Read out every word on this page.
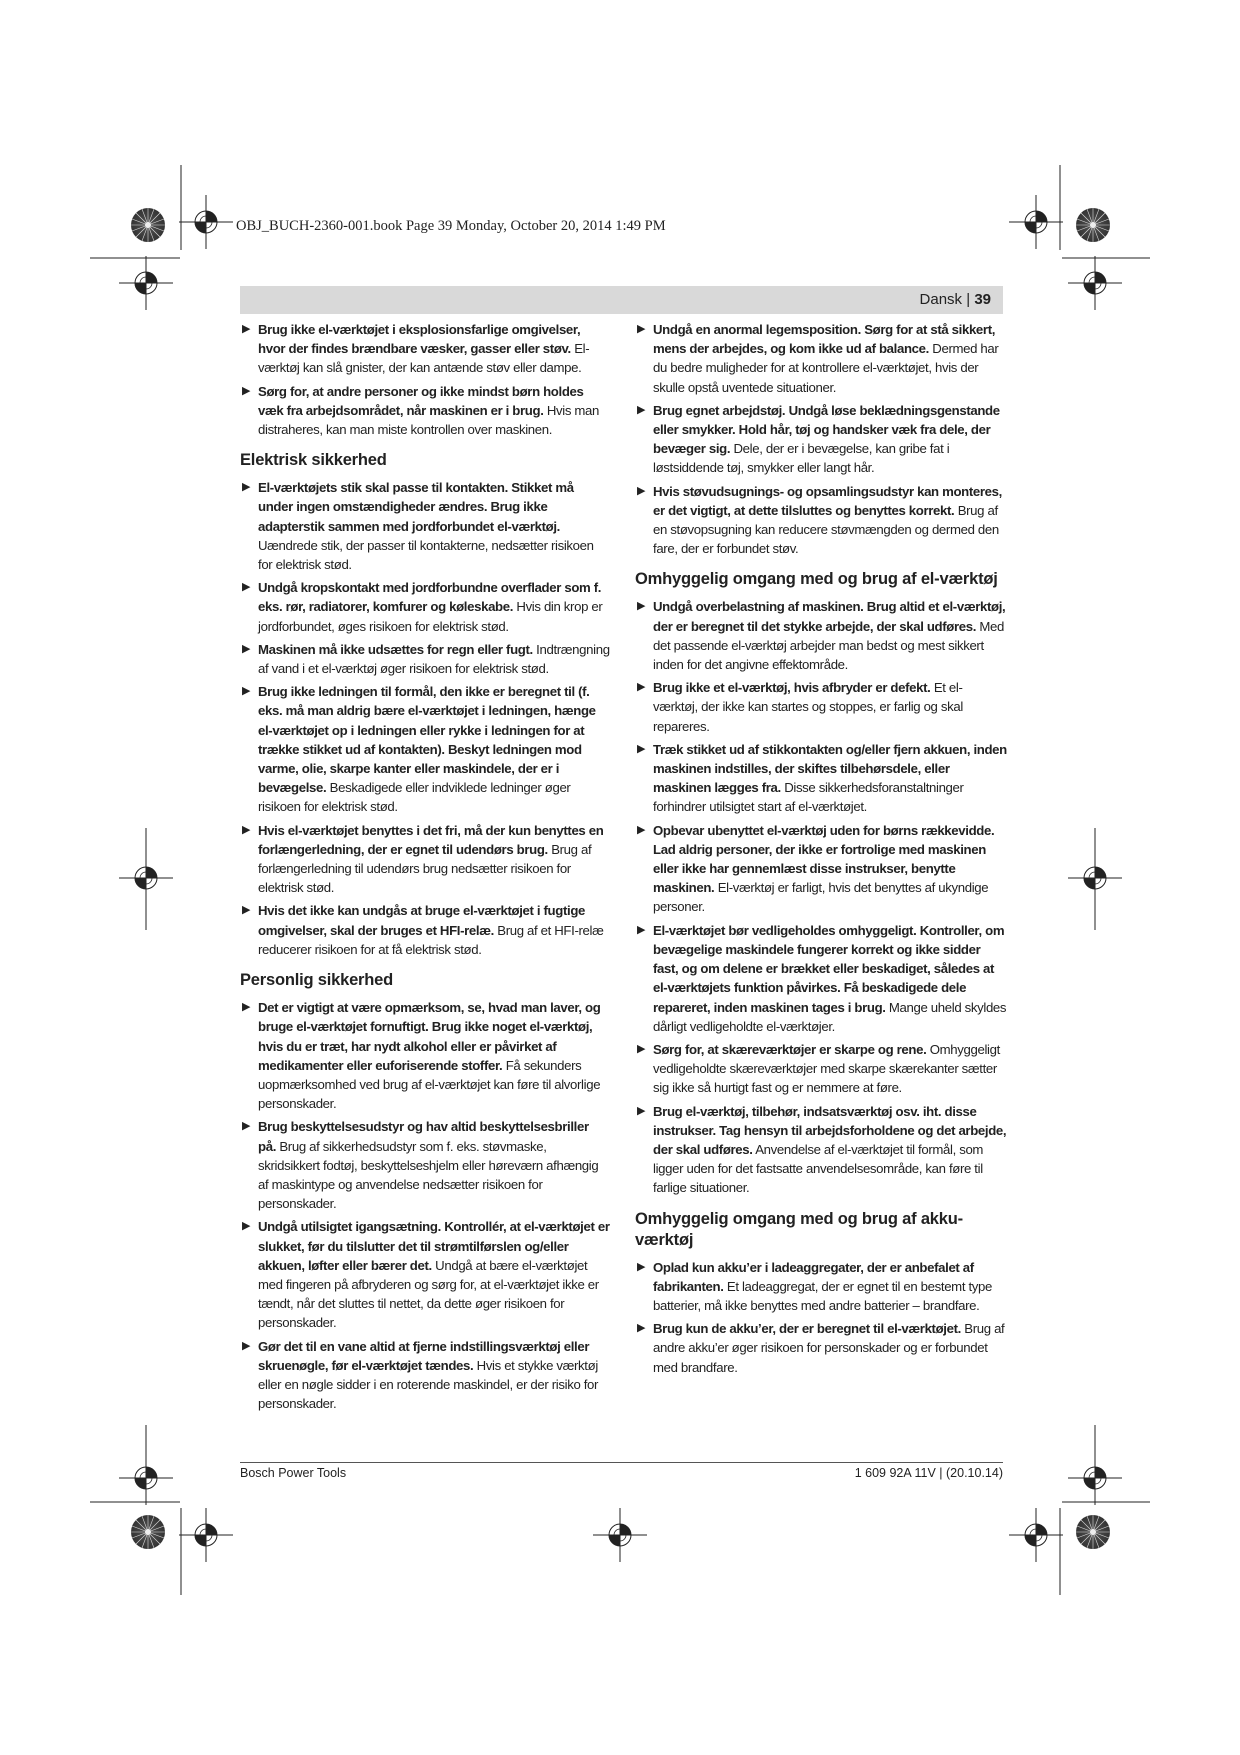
OBJ_BUCH-2360-001.book Page 39 Monday, October 20, 2014 1:49 PM
Dansk | 39
▶ Brug ikke el-værktøjet i eksplosionsfarlige omgivelser, hvor der findes brændbare væsker, gasser eller støv. El-værktøj kan slå gnister, der kan antænde støv eller dampe.
▶ Sørg for, at andre personer og ikke mindst børn holdes væk fra arbejdsområdet, når maskinen er i brug. Hvis man distraheres, kan man miste kontrollen over maskinen.
Elektrisk sikkerhed
▶ El-værktøjets stik skal passe til kontakten. Stikket må under ingen omstændigheder ændres. Brug ikke adapterstik sammen med jordforbundet el-værktøj. Uændrede stik, der passer til kontakterne, nedsætter risikoen for elektrisk stød.
▶ Undgå kropskontakt med jordforbundne overflader som f. eks. rør, radiatorer, komfurer og køleskabe. Hvis din krop er jordforbundet, øges risikoen for elektrisk stød.
▶ Maskinen må ikke udsættes for regn eller fugt. Indtrængning af vand i et el-værktøj øger risikoen for elektrisk stød.
▶ Brug ikke ledningen til formål, den ikke er beregnet til (f. eks. må man aldrig bære el-værktøjet i ledningen, hænge el-værktøjet op i ledningen eller rykke i ledningen for at trække stikket ud af kontakten). Beskyt ledningen mod varme, olie, skarpe kanter eller maskindele, der er i bevægelse. Beskadigede eller indviklede ledninger øger risikoen for elektrisk stød.
▶ Hvis el-værktøjet benyttes i det fri, må der kun benyttes en forlængerledning, der er egnet til udendørs brug. Brug af forlængerledning til udendørs brug nedsætter risikoen for elektrisk stød.
▶ Hvis det ikke kan undgås at bruge el-værktøjet i fugtige omgivelser, skal der bruges et HFI-relæ. Brug af et HFI-relæ reducerer risikoen for at få elektrisk stød.
Personlig sikkerhed
▶ Det er vigtigt at være opmærksom, se, hvad man laver, og bruge el-værktøjet fornuftigt. Brug ikke noget el-værktøj, hvis du er træt, har nydt alkohol eller er påvirket af medikamenter eller euforiserende stoffer. Få sekunders uopmærksomhed ved brug af el-værktøjet kan føre til alvorlige personskader.
▶ Brug beskyttelsesudstyr og hav altid beskyttelsesbriller på. Brug af sikkerhedsudstyr som f. eks. støvmaske, skridsikkert fodtøj, beskyttelseshjelm eller høreværn afhængig af maskintype og anvendelse nedsætter risikoen for personskader.
▶ Undgå utilsigtet igangsætning. Kontrollér, at el-værktøjet er slukket, før du tilslutter det til strømtilførslen og/eller akkuen, løfter eller bærer det. Undgå at bære el-værktøjet med fingeren på afbryderen og sørg for, at el-værktøjet ikke er tændt, når det sluttes til nettet, da dette øger risikoen for personskader.
▶ Gør det til en vane altid at fjerne indstillingsværktøj eller skruenøgle, før el-værktøjet tændes. Hvis et stykke værktøj eller en nøgle sidder i en roterende maskindel, er der risiko for personskader.
▶ Undgå en anormal legemsposition. Sørg for at stå sikkert, mens der arbejdes, og kom ikke ud af balance. Dermed har du bedre muligheder for at kontrollere el-værktøjet, hvis der skulle opstå uventede situationer.
▶ Brug egnet arbejdstøj. Undgå løse beklædningsgenstande eller smykker. Hold hår, tøj og handsker væk fra dele, der bevæger sig. Dele, der er i bevægelse, kan gribe fat i løstsiddende tøj, smykker eller langt hår.
▶ Hvis støvudsugnings- og opsamlingsudstyr kan monteres, er det vigtigt, at dette tilsluttes og benyttes korrekt. Brug af en støvopsugning kan reducere støvmængden og dermed den fare, der er forbundet støv.
Omhyggelig omgang med og brug af el-værktøj
▶ Undgå overbelastning af maskinen. Brug altid et el-værktøj, der er beregnet til det stykke arbejde, der skal udføres. Med det passende el-værktøj arbejder man bedst og mest sikkert inden for det angivne effektområde.
▶ Brug ikke et el-værktøj, hvis afbryder er defekt. Et el-værktøj, der ikke kan startes og stoppes, er farlig og skal repareres.
▶ Træk stikket ud af stikkontakten og/eller fjern akkuen, inden maskinen indstilles, der skiftes tilbehørsdele, eller maskinen lægges fra. Disse sikkerhedsforanstaltninger forhindrer utilsigtet start af el-værktøjet.
▶ Opbevar ubenyttet el-værktøj uden for børns rækkevidde. Lad aldrig personer, der ikke er fortrolige med maskinen eller ikke har gennemlæst disse instrukser, benytte maskinen. El-værktøj er farligt, hvis det benyttes af ukyndige personer.
▶ El-værktøjet bør vedligeholdes omhyggeligt. Kontroller, om bevægelige maskindele fungerer korrekt og ikke sidder fast, og om delene er brækket eller beskadiget, således at el-værktøjets funktion påvirkes. Få beskadigede dele repareret, inden maskinen tages i brug. Mange uheld skyldes dårligt vedligeholdte el-værktøjer.
▶ Sørg for, at skæreværktøjer er skarpe og rene. Omhyggeligt vedligeholdte skæreværktøjer med skarpe skærekanter sætter sig ikke så hurtigt fast og er nemmere at føre.
▶ Brug el-værktøj, tilbehør, indsatsværktøj osv. iht. disse instrukser. Tag hensyn til arbejdsforholdene og det arbejde, der skal udføres. Anvendelse af el-værktøjet til formål, som ligger uden for det fastsatte anvendelsesområde, kan føre til farlige situationer.
Omhyggelig omgang med og brug af akku-værktøj
▶ Oplad kun akku’er i ladeaggregater, der er anbefalet af fabrikanten. Et ladeaggregat, der er egnet til en bestemt type batterier, må ikke benyttes med andre batterier – brandfare.
▶ Brug kun de akku’er, der er beregnet til el-værktøjet. Brug af andre akku’er øger risikoen for personskader og er forbundet med brandfare.
Bosch Power Tools	1 609 92A 11V | (20.10.14)
